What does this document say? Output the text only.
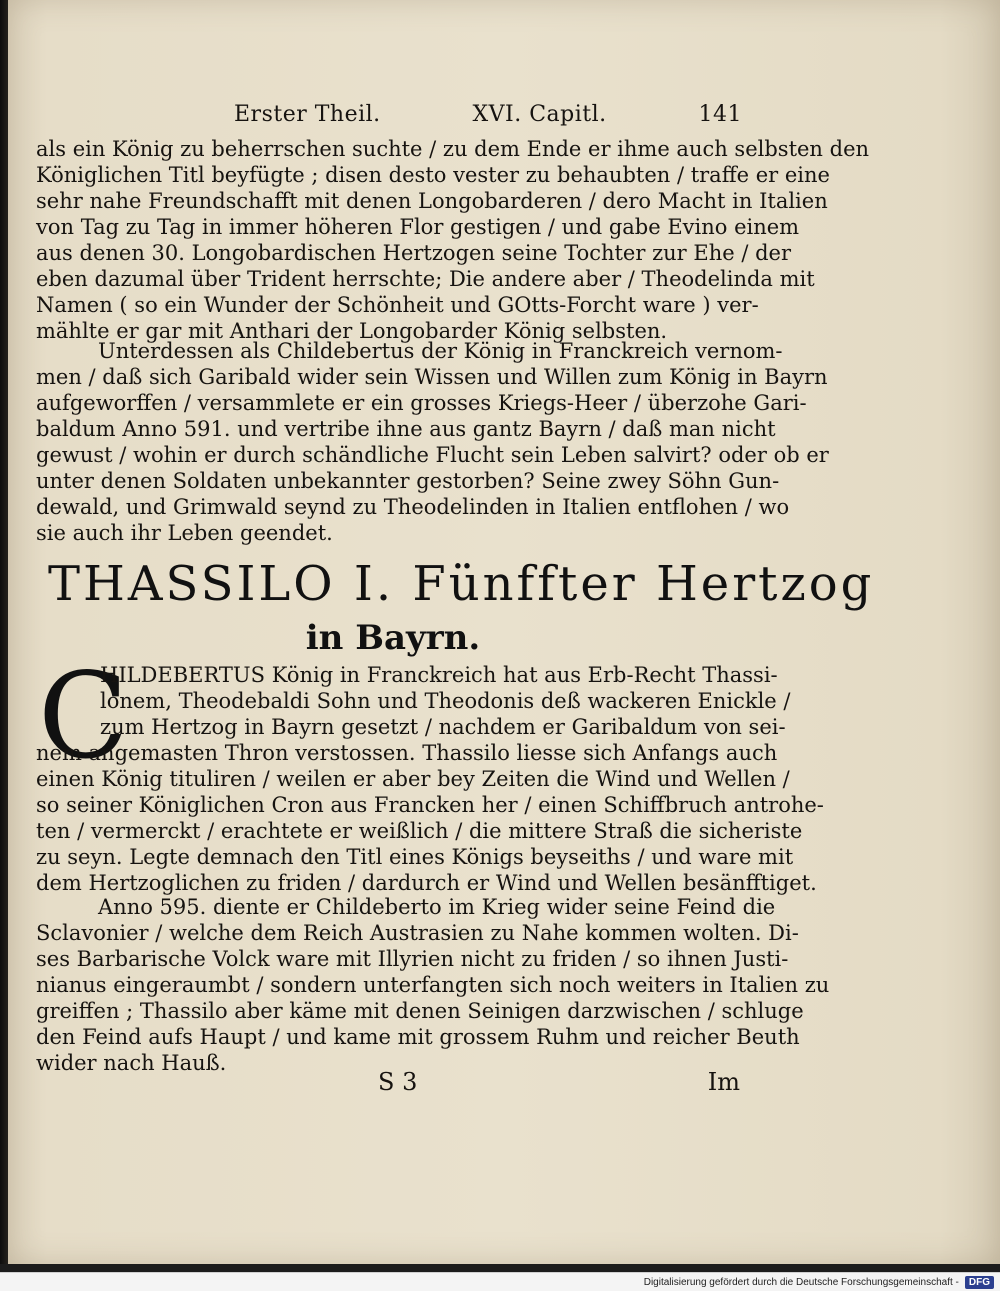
Erster Theil.	XVI. Capitl.	141
als ein König zu beherrschen suchte / zu dem Ende er ihme auch selbsten den
Königlichen Titl beyfügte ; disen desto vester zu behaubten / traffe er eine
sehr nahe Freundschafft mit denen Longobarderen / dero Macht in Italien
von Tag zu Tag in immer höheren Flor gestigen / und gabe Evino einem
aus denen 30. Longobardischen Hertzogen seine Tochter zur Ehe / der
eben dazumal über Trident herrschte; Die andere aber / Theodelinda mit
Namen ( so ein Wunder der Schönheit und GOtts-Forcht ware ) ver-
mählte er gar mit Anthari der Longobarder König selbsten.
Unterdessen als Childebertus der König in Franckreich vernom-
men / daß sich Garibald wider sein Wissen und Willen zum König in Bayrn
aufgeworffen / versammlete er ein grosses Kriegs-Heer / überzohe Gari-
baldum Anno 591. und vertribe ihne aus gantz Bayrn / daß man nicht
gewust / wohin er durch schändliche Flucht sein Leben salvirt? oder ob er
unter denen Soldaten unbekannter gestorben? Seine zwey Söhn Gun-
dewald, und Grimwald seynd zu Theodelinden in Italien entflohen / wo
sie auch ihr Leben geendet.
THASSILO I. Fünffter Hertzog
in Bayrn.
C
HILDEBERTUS König in Franckreich hat aus Erb-Recht Thassi-
lonem, Theodebaldi Sohn und Theodonis deß wackeren Enickle /
zum Hertzog in Bayrn gesetzt / nachdem er Garibaldum von sei-
nem angemasten Thron verstossen. Thassilo liesse sich Anfangs auch
einen König tituliren / weilen er aber bey Zeiten die Wind und Wellen /
so seiner Königlichen Cron aus Francken her / einen Schiffbruch antrohe-
ten / vermerckt / erachtete er weißlich / die mittere Straß die sicheriste
zu seyn. Legte demnach den Titl eines Königs beyseiths / und ware mit
dem Hertzoglichen zu friden / dardurch er Wind und Wellen besänfftiget.
Anno 595. diente er Childeberto im Krieg wider seine Feind die
Sclavonier / welche dem Reich Austrasien zu Nahe kommen wolten. Di-
ses Barbarische Volck ware mit Illyrien nicht zu friden / so ihnen Justi-
nianus eingeraumbt / sondern unterfangten sich noch weiters in Italien zu
greiffen ; Thassilo aber käme mit denen Seinigen darzwischen / schluge
den Feind aufs Haupt / und kame mit grossem Ruhm und reicher Beuth
wider nach Hauß.
S 3	Im
Digitalisierung gefördert durch die Deutsche Forschungsgemeinschaft -	DFG
